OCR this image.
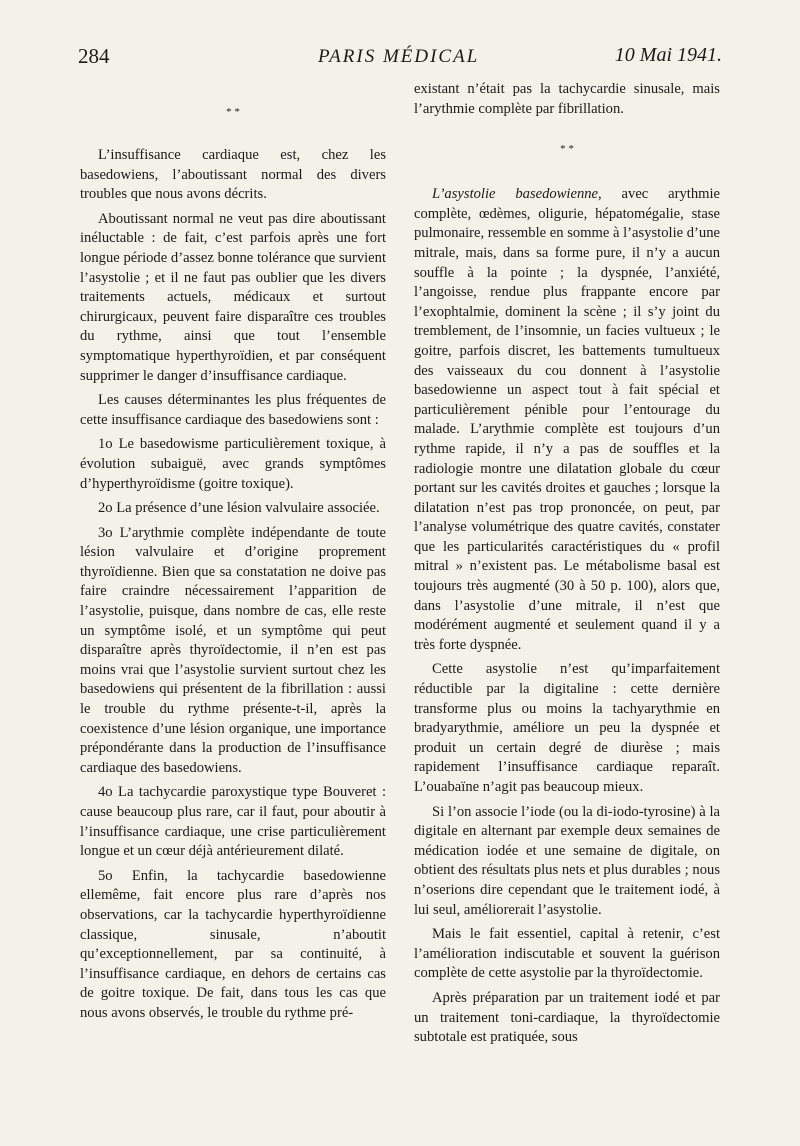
284	PARIS MÉDICAL	10 Mai 1941.
* *

L’insuffisance cardiaque est, chez les basedowiens, l’aboutissant normal des divers troubles que nous avons décrits.

Aboutissant normal ne veut pas dire aboutissant inéluctable : de fait, c’est parfois après une fort longue période d’assez bonne tolérance que survient l’asystolie ; et il ne faut pas oublier que les divers traitements actuels, médicaux et surtout chirurgicaux, peuvent faire disparaître ces troubles du rythme, ainsi que tout l’ensemble symptomatique hyperthyroïdien, et par conséquent supprimer le danger d’insuffisance cardiaque.

Les causes déterminantes les plus fréquentes de cette insuffisance cardiaque des basedowiens sont :

1o Le basedowisme particulièrement toxique, à évolution subaiguë, avec grands symptômes d’hyperthyroïdisme (goitre toxique).

2o La présence d’une lésion valvulaire associée.

3o L’arythmie complète indépendante de toute lésion valvulaire et d’origine proprement thyroïdienne. Bien que sa constatation ne doive pas faire craindre nécessairement l’apparition de l’asystolie, puisque, dans nombre de cas, elle reste un symptôme isolé, et un symptôme qui peut disparaître après thyroïdectomie, il n’en est pas moins vrai que l’asystolie survient surtout chez les basedowiens qui présentent de la fibrillation : aussi le trouble du rythme présente-t-il, après la coexistence d’une lésion organique, une importance prépondérante dans la production de l’insuffisance cardiaque des basedowiens.

4o La tachycardie paroxystique type Bouveret : cause beaucoup plus rare, car il faut, pour aboutir à l’insuffisance cardiaque, une crise particulièrement longue et un cœur déjà antérieurement dilaté.

5o Enfin, la tachycardie basedowienne ellemême, fait encore plus rare d’après nos observations, car la tachycardie hyperthyroïdienne classique, sinusale, n’aboutit qu’exceptionnellement, par sa continuité, à l’insuffisance cardiaque, en dehors de certains cas de goitre toxique. De fait, dans tous les cas que nous avons observés, le trouble du rythme pré-

existant n’était pas la tachycardie sinusale, mais l’arythmie complète par fibrillation.

* *

L’asystolie basedowienne, avec arythmie complète, œdèmes, oligurie, hépatomégalie, stase pulmonaire, ressemble en somme à l’asystolie d’une mitrale, mais, dans sa forme pure, il n’y a aucun souffle à la pointe ; la dyspnée, l’anxiété, l’angoisse, rendue plus frappante encore par l’exophtalmie, dominent la scène ; il s’y joint du tremblement, de l’insomnie, un facies vultueux ; le goitre, parfois discret, les battements tumultueux des vaisseaux du cou donnent à l’asystolie basedowienne un aspect tout à fait spécial et particulièrement pénible pour l’entourage du malade. L’arythmie complète est toujours d’un rythme rapide, il n’y a pas de souffles et la radiologie montre une dilatation globale du cœur portant sur les cavités droites et gauches ; lorsque la dilatation n’est pas trop prononcée, on peut, par l’analyse volumétrique des quatre cavités, constater que les particularités caractéristiques du « profil mitral » n’existent pas. Le métabolisme basal est toujours très augmenté (30 à 50 p. 100), alors que, dans l’asystolie d’une mitrale, il n’est que modérément augmenté et seulement quand il y a très forte dyspnée.

Cette asystolie n’est qu’imparfaitement réductible par la digitaline : cette dernière transforme plus ou moins la tachyarythmie en bradyarythmie, améliore un peu la dyspnée et produit un certain degré de diurèse ; mais rapidement l’insuffisance cardiaque reparaît. L’ouabaïne n’agit pas beaucoup mieux.

Si l’on associe l’iode (ou la di-iodo-tyrosine) à la digitale en alternant par exemple deux semaines de médication iodée et une semaine de digitale, on obtient des résultats plus nets et plus durables ; nous n’oserions dire cependant que le traitement iodé, à lui seul, améliorerait l’asystolie.

Mais le fait essentiel, capital à retenir, c’est l’amélioration indiscutable et souvent la guérison complète de cette asystolie par la thyroïdectomie.

Après préparation par un traitement iodé et par un traitement toni-cardiaque, la thyroïdectomie subtotale est pratiquée, sous
